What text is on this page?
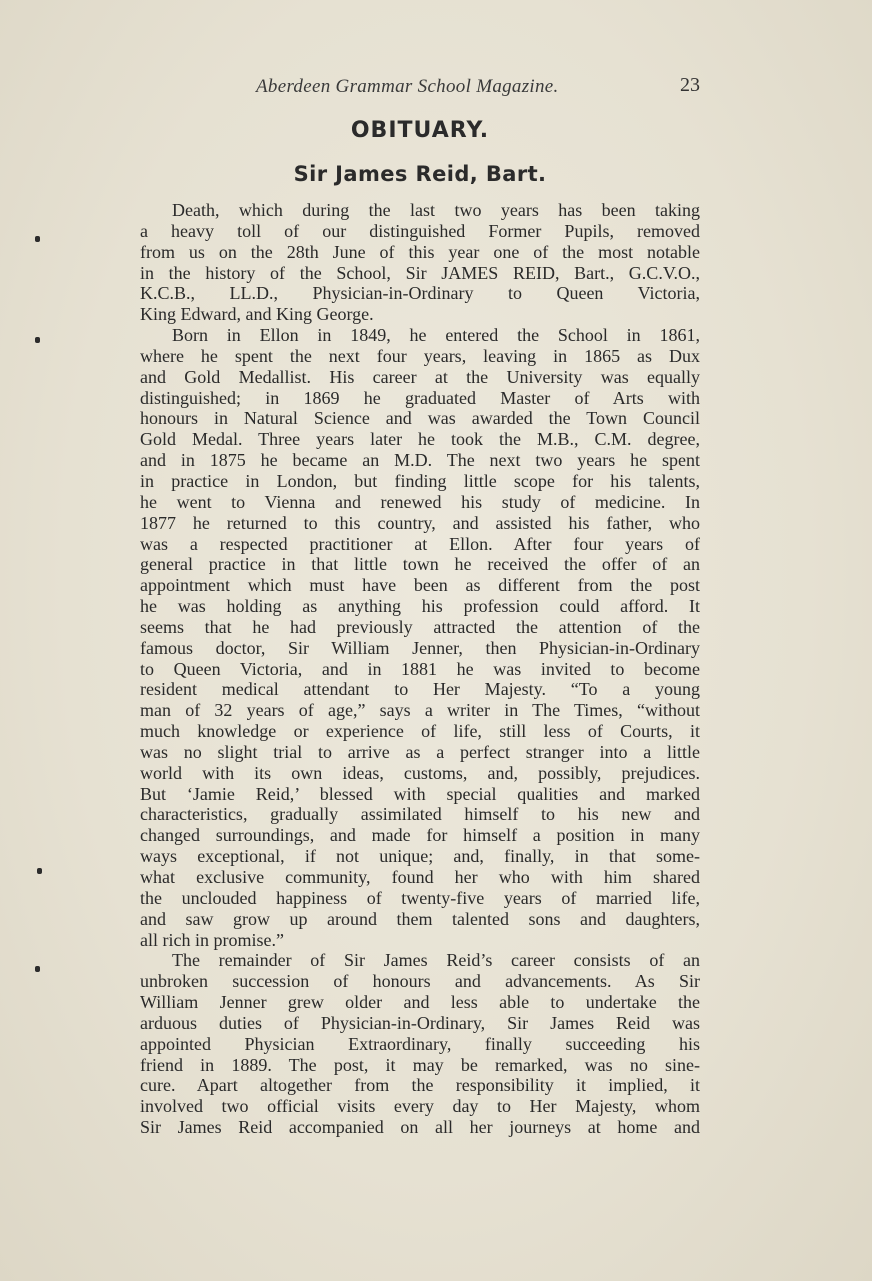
Aberdeen Grammar School Magazine.	23
OBITUARY.
Sir James Reid, Bart.
Death, which during the last two years has been taking
a heavy toll of our distinguished Former Pupils, removed
from us on the 28th June of this year one of the most notable
in the history of the School, Sir JAMES REID, Bart., G.C.V.O.,
K.C.B., LL.D., Physician-in-Ordinary to Queen Victoria,
King Edward, and King George.
Born in Ellon in 1849, he entered the School in 1861,
where he spent the next four years, leaving in 1865 as Dux
and Gold Medallist. His career at the University was equally
distinguished; in 1869 he graduated Master of Arts with
honours in Natural Science and was awarded the Town Council
Gold Medal. Three years later he took the M.B., C.M. degree,
and in 1875 he became an M.D. The next two years he spent
in practice in London, but finding little scope for his talents,
he went to Vienna and renewed his study of medicine. In
1877 he returned to this country, and assisted his father, who
was a respected practitioner at Ellon. After four years of
general practice in that little town he received the offer of an
appointment which must have been as different from the post
he was holding as anything his profession could afford. It
seems that he had previously attracted the attention of the
famous doctor, Sir William Jenner, then Physician-in-Ordinary
to Queen Victoria, and in 1881 he was invited to become
resident medical attendant to Her Majesty. “To a young
man of 32 years of age,” says a writer in The Times, “without
much knowledge or experience of life, still less of Courts, it
was no slight trial to arrive as a perfect stranger into a little
world with its own ideas, customs, and, possibly, prejudices.
But ‘Jamie Reid,’ blessed with special qualities and marked
characteristics, gradually assimilated himself to his new and
changed surroundings, and made for himself a position in many
ways exceptional, if not unique; and, finally, in that some-
what exclusive community, found her who with him shared
the unclouded happiness of twenty-five years of married life,
and saw grow up around them talented sons and daughters,
all rich in promise.”
The remainder of Sir James Reid’s career consists of an
unbroken succession of honours and advancements. As Sir
William Jenner grew older and less able to undertake the
arduous duties of Physician-in-Ordinary, Sir James Reid was
appointed Physician Extraordinary, finally succeeding his
friend in 1889. The post, it may be remarked, was no sine-
cure. Apart altogether from the responsibility it implied, it
involved two official visits every day to Her Majesty, whom
Sir James Reid accompanied on all her journeys at home and
